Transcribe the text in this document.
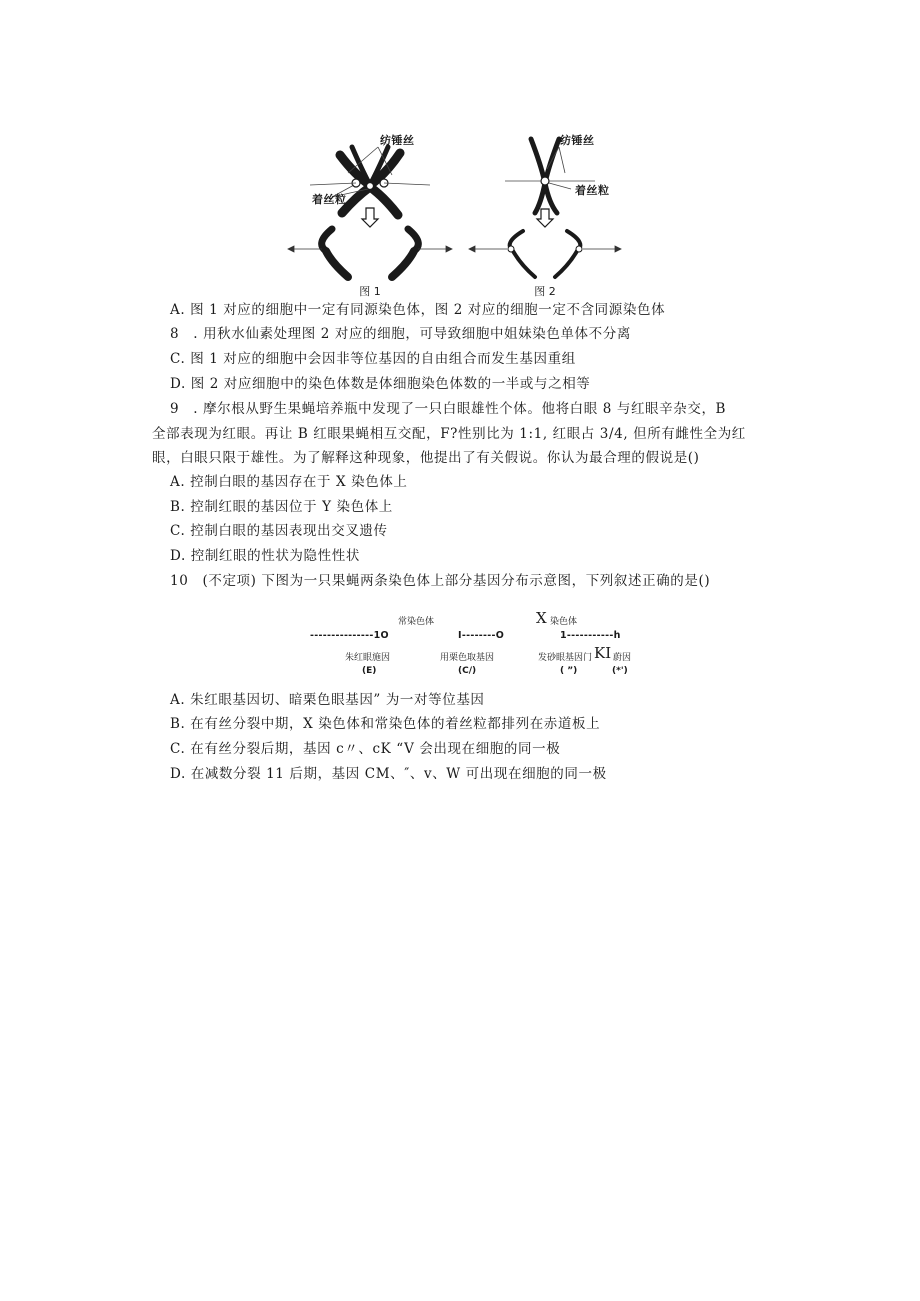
纺锤丝
着丝粒
图 1
纺锤丝
着丝粒
图 2
A. 图 1 对应的细胞中一定有同源染色体，图 2 对应的细胞一定不含同源染色体
8　. 用秋水仙素处理图 2 对应的细胞，可导致细胞中姐妹染色单体不分离
C. 图 1 对应的细胞中会因非等位基因的自由组合而发生基因重组
D. 图 2 对应细胞中的染色体数是体细胞染色体数的一半或与之相等
9　. 摩尔根从野生果蝇培养瓶中发现了一只白眼雄性个体。他将白眼 8 与红眼辛杂交，B
全部表现为红眼。再让 B 红眼果蝇相互交配，F?性别比为 1:1, 红眼占 3/4, 但所有雌性全为红
眼，白眼只限于雄性。为了解释这种现象，他提出了有关假说。你认为最合理的假说是()
A. 控制白眼的基因存在于 X 染色体上
B. 控制红眼的基因位于 Y 染色体上
C. 控制白眼的基因表现出交叉遗传
D. 控制红眼的性状为隐性性状
10　(不定项) 下图为一只果蝇两条染色体上部分基因分布示意图，下列叙述正确的是()
常染色体	X 染色体
---------------1O	I--------O	1-----------h
朱红眼施因	用栗色取基因	发砂眼基因门 KI 蔚因
(E)	(C/)	( ”)	(*')
A. 朱红眼基因切、暗栗色眼基因” 为一对等位基因
B. 在有丝分裂中期，X 染色体和常染色体的着丝粒都排列在赤道板上
C. 在有丝分裂后期，基因 c〃、cK “V 会出现在细胞的同一极
D. 在减数分裂 11 后期，基因 CM、″、v、W 可出现在细胞的同一极
